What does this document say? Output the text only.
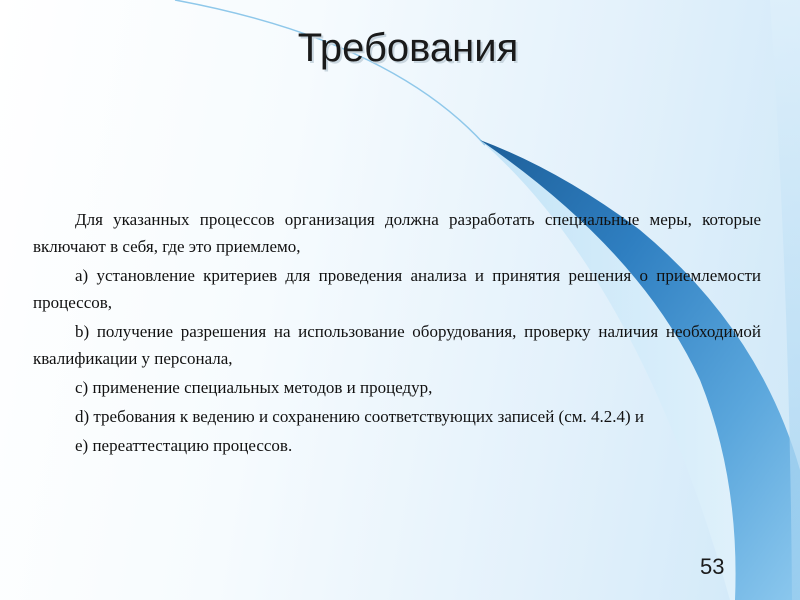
Требования

Для указанных процессов организация должна разработать специальные меры, которые включают в себя, где это приемлемо,

а) установление критериев для проведения анализа и принятия решения о приемлемости процессов,

b) получение разрешения на использование оборудования, проверку наличия необходимой квалификации у персонала,

с) применение специальных методов и процедур,

d) требования к ведению и сохранению соответствующих записей (см. 4.2.4) и

е) переаттестацию процессов.

53
